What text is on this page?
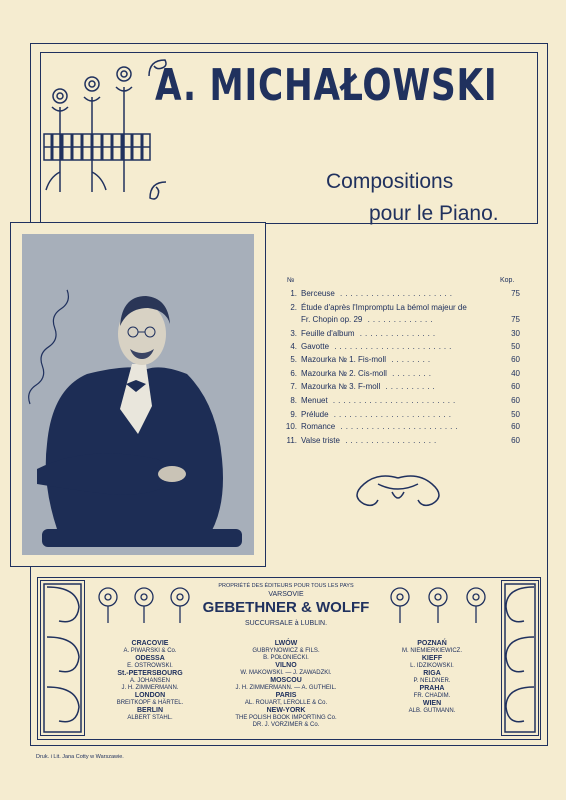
A. MICHAŁOWSKI
Compositions
pour le Piano.
№	Kop.
1. Berceuse ......................	75
2. Étude d'après l'Impromptu La bémol majeur de
Fr. Chopin op. 29 .............	75
3. Feuille d'album ...............	30
4. Gavotte .......................	50
5. Mazourka № 1. Fis-moll ........	60
6. Mazourka № 2. Cis-moll ........	40
7. Mazourka № 3. F-moll ..........	60
8. Menuet ........................	60
9. Prélude .......................	50
10. Romance .......................	60
11. Valse triste ..................	60
PROPRIÉTÉ DES ÉDITEURS POUR TOUS LES PAYS
VARSOVIE
GEBETHNER & WOLFF
SUCCURSALE à LUBLIN.
CRACOVIE
A. PIWARSKI & Co.
ODESSA
E. OSTROWSKI.
St.-PETERSBOURG
A. JOHANSEN
J. H. ZIMMERMANN.
LONDON
BREITKOPF & HÄRTEL.
BERLIN
ALBERT STAHL.
LWÓW
GUBRYNOWICZ & FILS.
B. POŁONIECKI.
VILNO
W. MAKOWSKI. — J. ZAWADZKI.
MOSCOU
J. H. ZIMMERMANN. — A. GUTHEIL.
PARIS
AL. ROUART, LEROLLE & Co.
NEW-YORK
THE POLISH BOOK IMPORTING Co.
DR. J. VORZIMER & Co.
POZNAŃ
M. NIEMIERKIEWICZ.
KIEFF
L. IDZIKOWSKI.
RIGA
P. NELDNER.
PRAHA
FR. CHADIM.
WIEN
ALB. GUTMANN.
Druk. i Lit. Jana Cotty w Warszawie.
